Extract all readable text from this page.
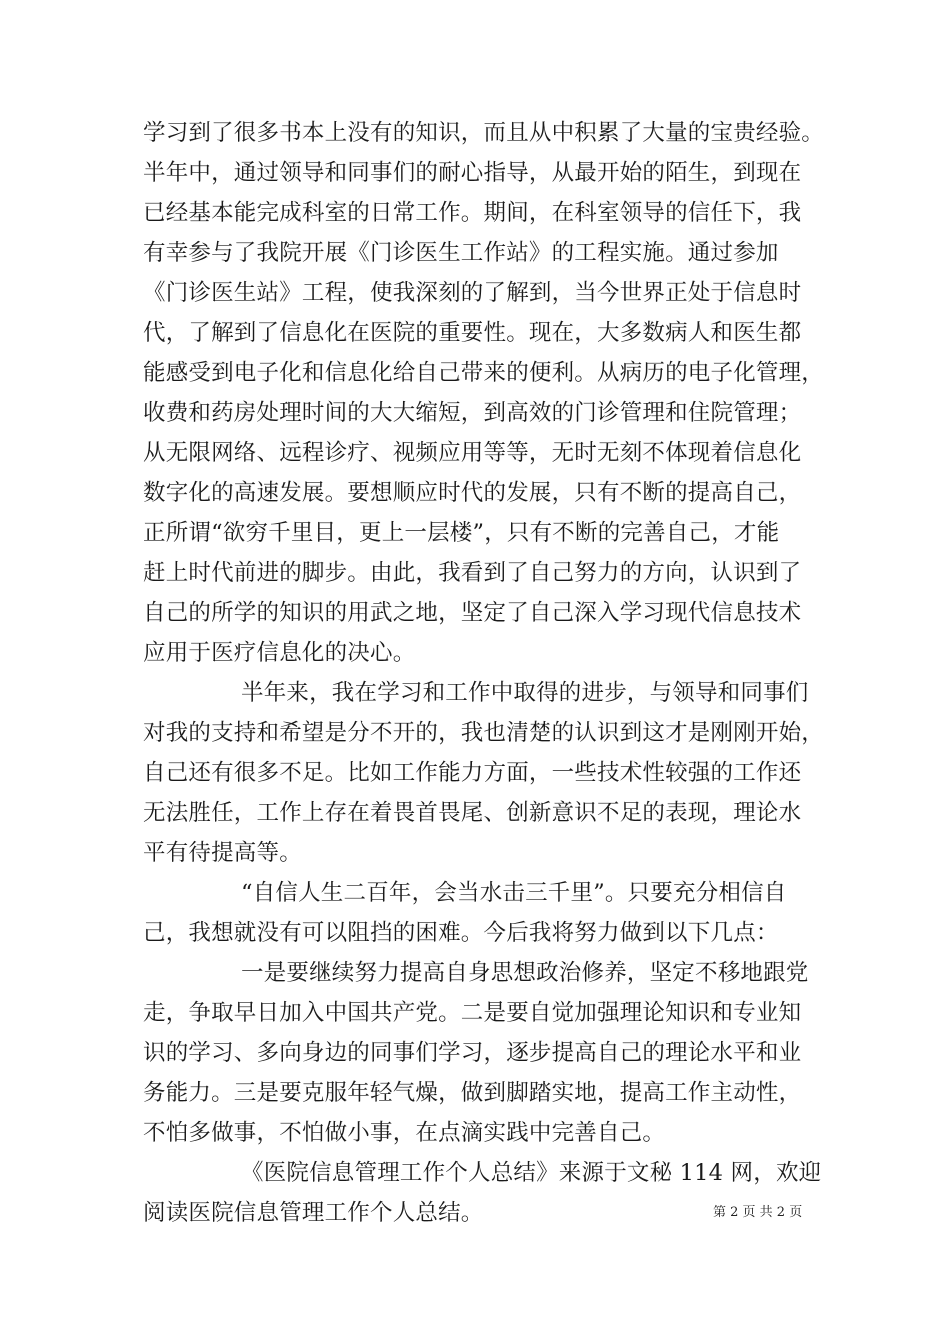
学习到了很多书本上没有的知识，而且从中积累了大量的宝贵经验。
半年中，通过领导和同事们的耐心指导，从最开始的陌生，到现在
已经基本能完成科室的日常工作。期间，在科室领导的信任下，我
有幸参与了我院开展《门诊医生工作站》的工程实施。通过参加
《门诊医生站》工程，使我深刻的了解到，当今世界正处于信息时
代，了解到了信息化在医院的重要性。现在，大多数病人和医生都
能感受到电子化和信息化给自己带来的便利。从病历的电子化管理，
收费和药房处理时间的大大缩短，到高效的门诊管理和住院管理；
从无限网络、远程诊疗、视频应用等等，无时无刻不体现着信息化
数字化的高速发展。要想顺应时代的发展，只有不断的提高自己，
正所谓“欲穷千里目，更上一层楼”，只有不断的完善自己，才能
赶上时代前进的脚步。由此，我看到了自己努力的方向，认识到了
自己的所学的知识的用武之地，坚定了自己深入学习现代信息技术
应用于医疗信息化的决心。
半年来，我在学习和工作中取得的进步，与领导和同事们
对我的支持和希望是分不开的，我也清楚的认识到这才是刚刚开始，
自己还有很多不足。比如工作能力方面，一些技术性较强的工作还
无法胜任，工作上存在着畏首畏尾、创新意识不足的表现，理论水
平有待提高等。
“自信人生二百年，会当水击三千里”。只要充分相信自
己，我想就没有可以阻挡的困难。今后我将努力做到以下几点：
一是要继续努力提高自身思想政治修养，坚定不移地跟党
走，争取早日加入中国共产党。二是要自觉加强理论知识和专业知
识的学习、多向身边的同事们学习，逐步提高自己的理论水平和业
务能力。三是要克服年轻气燥，做到脚踏实地，提高工作主动性，
不怕多做事，不怕做小事，在点滴实践中完善自己。
《医院信息管理工作个人总结》来源于文秘 114 网，欢迎
阅读医院信息管理工作个人总结。	第 2 页 共 2 页
